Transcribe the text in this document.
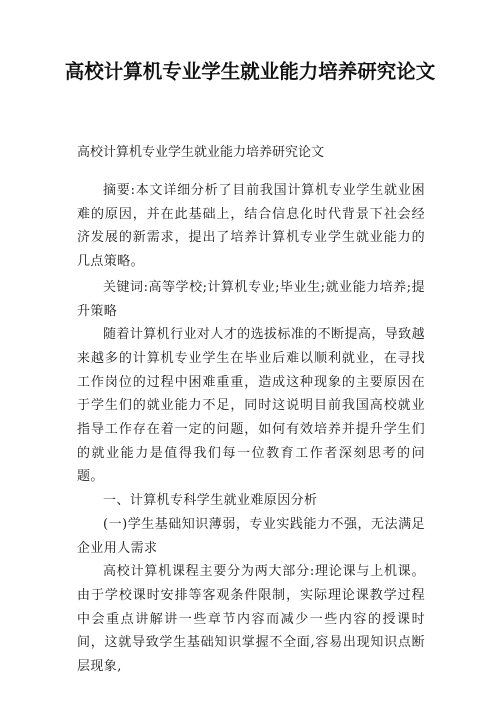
高校计算机专业学生就业能力培养研究论文
高校计算机专业学生就业能力培养研究论文

摘要:本文详细分析了目前我国计算机专业学生就业困难的原因，并在此基础上，结合信息化时代背景下社会经济发展的新需求，提出了培养计算机专业学生就业能力的几点策略。

关键词:高等学校;计算机专业;毕业生;就业能力培养;提升策略

随着计算机行业对人才的选拔标准的不断提高，导致越来越多的计算机专业学生在毕业后难以顺利就业，在寻找工作岗位的过程中困难重重，造成这种现象的主要原因在于学生们的就业能力不足，同时这说明目前我国高校就业指导工作存在着一定的问题，如何有效培养并提升学生们的就业能力是值得我们每一位教育工作者深刻思考的问题。

一、计算机专科学生就业难原因分析

(一)学生基础知识薄弱，专业实践能力不强，无法满足企业用人需求

高校计算机课程主要分为两大部分:理论课与上机课。由于学校课时安排等客观条件限制，实际理论课教学过程中会重点讲解讲一些章节内容而减少一些内容的授课时间，这就导致学生基础知识掌握不全面,容易出现知识点断层现象,
